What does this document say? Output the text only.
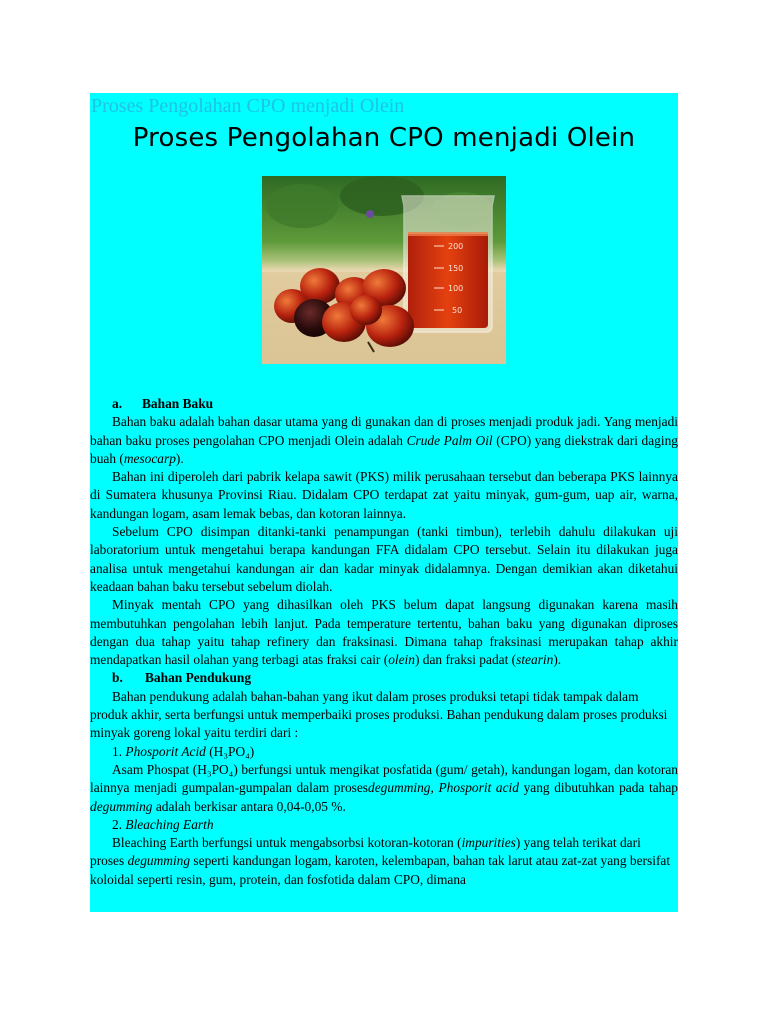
Proses Pengolahan CPO menjadi Olein
Proses Pengolahan CPO menjadi Olein
200
150
100
50
a. Bahan Baku

Bahan baku adalah bahan dasar utama yang di gunakan dan di proses menjadi produk jadi. Yang menjadi bahan baku proses pengolahan CPO menjadi Olein adalah Crude Palm Oil (CPO) yang diekstrak dari daging buah (mesocarp).

Bahan ini diperoleh dari pabrik kelapa sawit (PKS) milik perusahaan tersebut dan beberapa PKS lainnya di Sumatera khusunya Provinsi Riau. Didalam CPO terdapat zat yaitu minyak, gum-gum, uap air, warna, kandungan logam, asam lemak bebas, dan kotoran lainnya.

Sebelum CPO disimpan ditanki-tanki penampungan (tanki timbun), terlebih dahulu dilakukan uji laboratorium untuk mengetahui berapa kandungan FFA didalam CPO tersebut. Selain itu dilakukan juga analisa untuk mengetahui kandungan air dan kadar minyak didalamnya. Dengan demikian akan diketahui keadaan bahan baku tersebut sebelum diolah.

Minyak mentah CPO yang dihasilkan oleh PKS belum dapat langsung digunakan karena masih membutuhkan pengolahan lebih lanjut. Pada temperature tertentu, bahan baku yang digunakan diproses dengan dua tahap yaitu tahap refinery dan fraksinasi. Dimana tahap fraksinasi merupakan tahap akhir mendapatkan hasil olahan yang terbagi atas fraksi cair (olein) dan fraksi padat (stearin).

b. Bahan Pendukung

Bahan pendukung adalah bahan-bahan yang ikut dalam proses produksi tetapi tidak tampak dalam produk akhir, serta berfungsi untuk memperbaiki proses produksi. Bahan pendukung dalam proses produksi minyak goreng lokal yaitu terdiri dari :

1. Phosporit Acid (H₃PO₄)

Asam Phospat (H₃PO₄) berfungsi untuk mengikat posfatida (gum/ getah), kandungan logam, dan kotoran lainnya menjadi gumpalan-gumpalan dalam prosesdegumming, Phosporit acid yang dibutuhkan pada tahap degumming adalah berkisar antara 0,04-0,05 %.

2. Bleaching Earth

Bleaching Earth berfungsi untuk mengabsorbsi kotoran-kotoran (impurities) yang telah terikat dari proses degumming seperti kandungan logam, karoten, kelembapan, bahan tak larut atau zat-zat yang bersifat koloidal seperti resin, gum, protein, dan fosfotida dalam CPO, dimana
